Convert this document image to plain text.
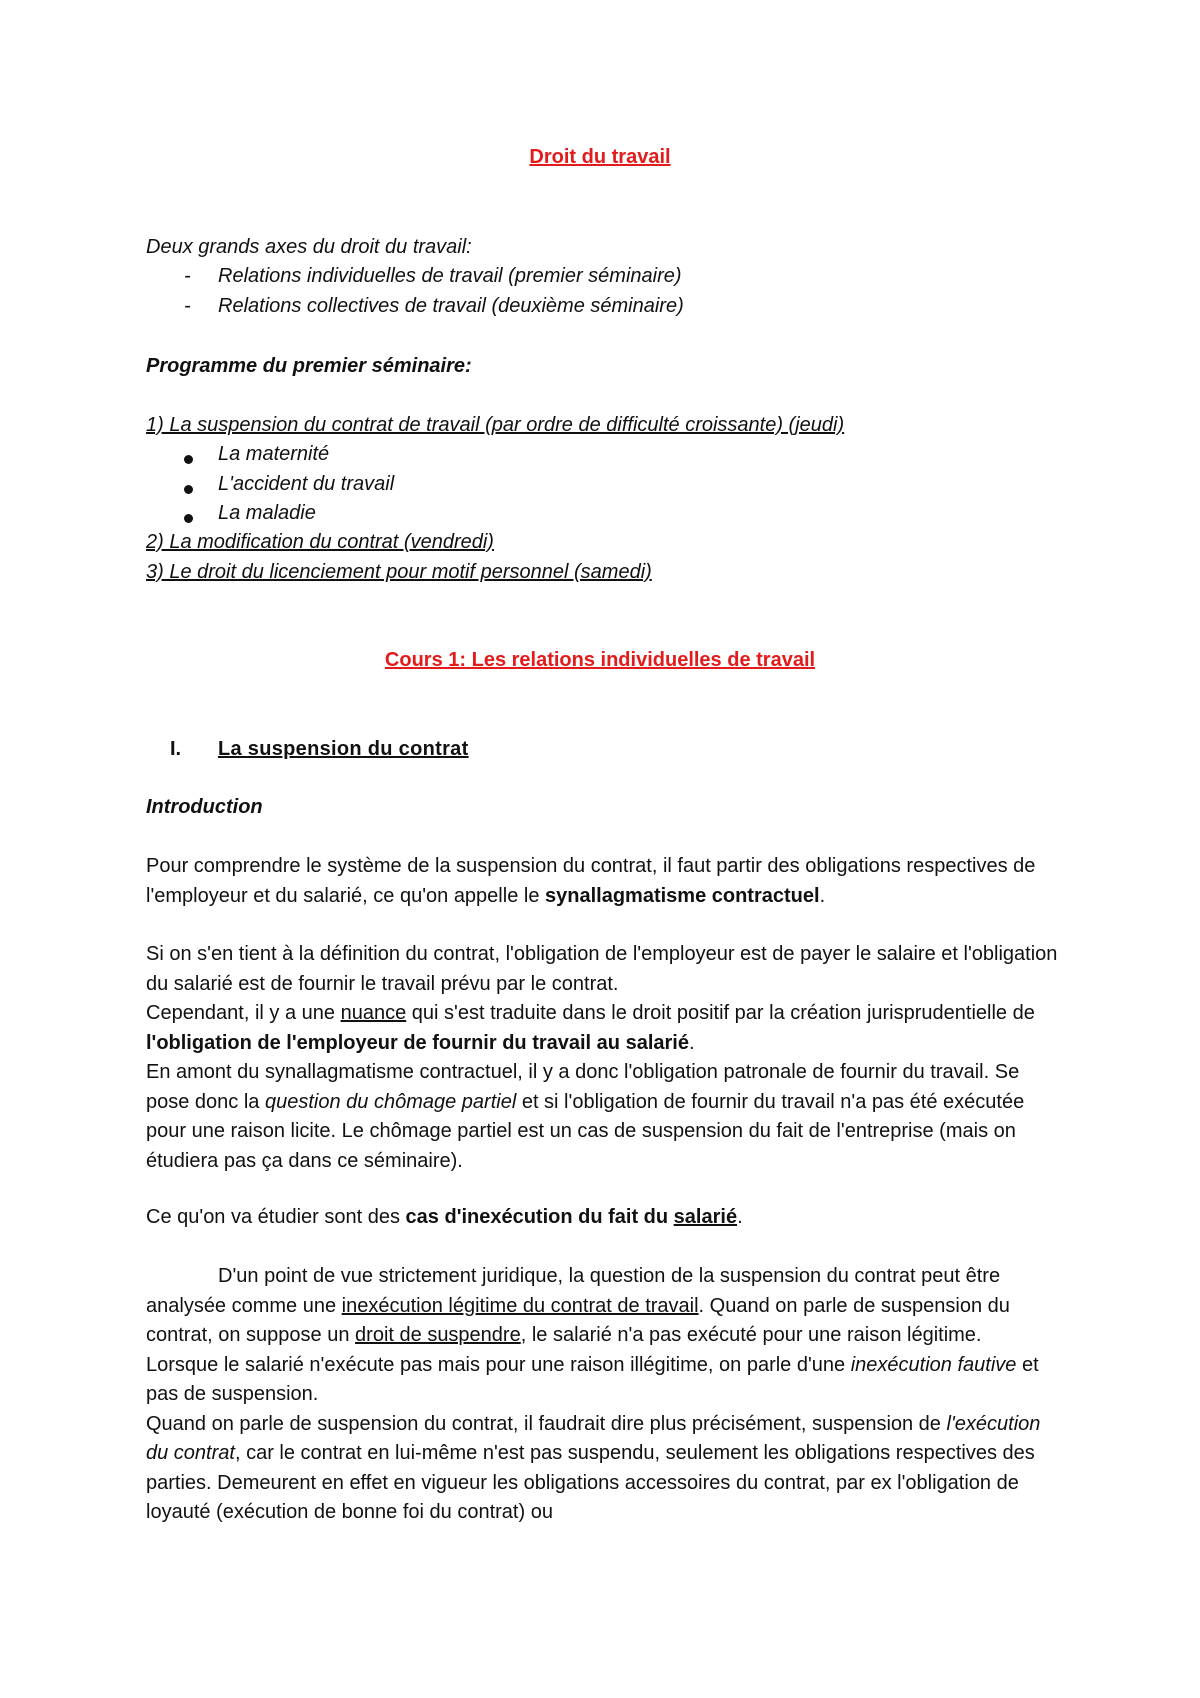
Droit du travail

Deux grands axes du droit du travail:

- Relations individuelles de travail (premier séminaire)

- Relations collectives de travail (deuxième séminaire)

Programme du premier séminaire:

1) La suspension du contrat de travail (par ordre de difficulté croissante) (jeudi)

La maternité

L'accident du travail

La maladie

2) La modification du contrat (vendredi)

3) Le droit du licenciement pour motif personnel (samedi)

Cours 1: Les relations individuelles de travail

I. La suspension du contrat

Introduction

Pour comprendre le système de la suspension du contrat, il faut partir des obligations respectives de l'employeur et du salarié, ce qu'on appelle le synallagmatisme contractuel.

Si on s'en tient à la définition du contrat, l'obligation de l'employeur est de payer le salaire et l'obligation du salarié est de fournir le travail prévu par le contrat.
Cependant, il y a une nuance qui s'est traduite dans le droit positif par la création jurisprudentielle de l'obligation de l'employeur de fournir du travail au salarié.
En amont du synallagmatisme contractuel, il y a donc l'obligation patronale de fournir du travail. Se pose donc la question du chômage partiel et si l'obligation de fournir du travail n'a pas été exécutée pour une raison licite. Le chômage partiel est un cas de suspension du fait de l'entreprise (mais on étudiera pas ça dans ce séminaire).

Ce qu'on va étudier sont des cas d'inexécution du fait du salarié.

D'un point de vue strictement juridique, la question de la suspension du contrat peut être analysée comme une inexécution légitime du contrat de travail. Quand on parle de suspension du contrat, on suppose un droit de suspendre, le salarié n'a pas exécuté pour une raison légitime.
Lorsque le salarié n'exécute pas mais pour une raison illégitime, on parle d'une inexécution fautive et pas de suspension.
Quand on parle de suspension du contrat, il faudrait dire plus précisément, suspension de l'exécution du contrat, car le contrat en lui-même n'est pas suspendu, seulement les obligations respectives des parties. Demeurent en effet en vigueur les obligations accessoires du contrat, par ex l'obligation de loyauté (exécution de bonne foi du contrat) ou
